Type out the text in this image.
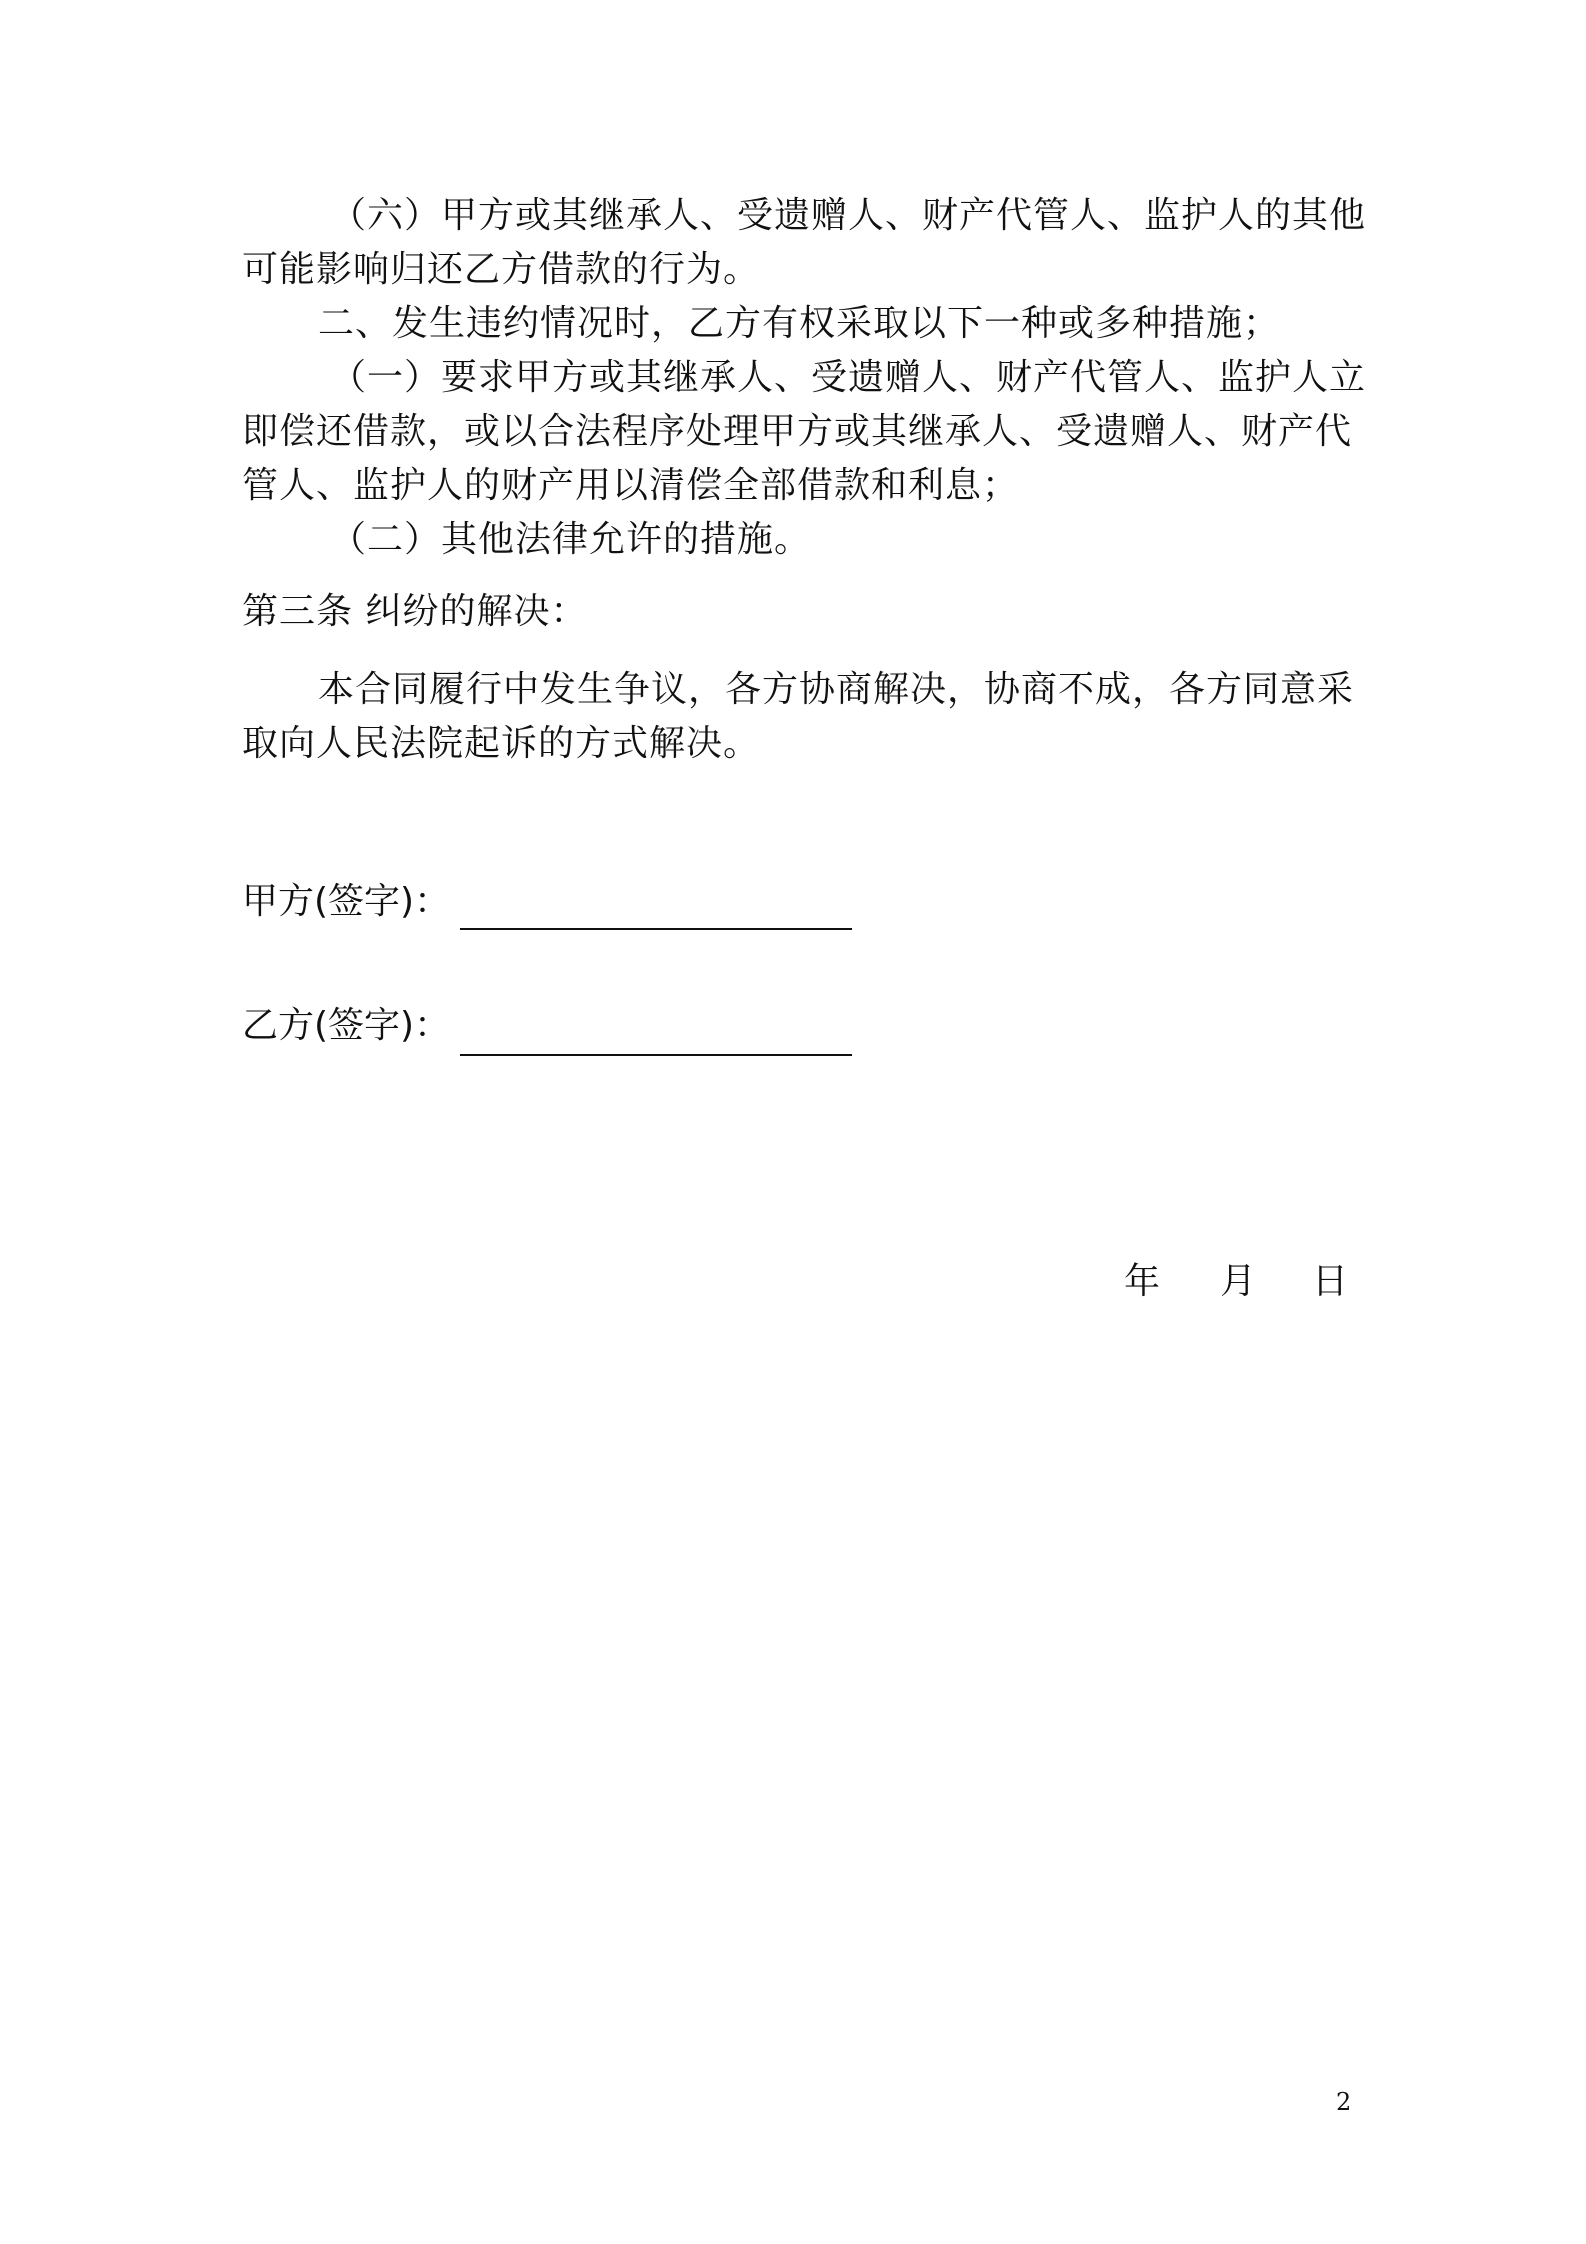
（六）甲方或其继承人、受遗赠人、财产代管人、监护人的其他
可能影响归还乙方借款的行为。
二、发生违约情况时，乙方有权采取以下一种或多种措施；
（一）要求甲方或其继承人、受遗赠人、财产代管人、监护人立
即偿还借款，或以合法程序处理甲方或其继承人、受遗赠人、财产代
管人、监护人的财产用以清偿全部借款和利息；
（二）其他法律允许的措施。
第三条 纠纷的解决：
本合同履行中发生争议，各方协商解决，协商不成，各方同意采
取向人民法院起诉的方式解决。
甲方(签字)：
乙方(签字)：
年 月 日
2
